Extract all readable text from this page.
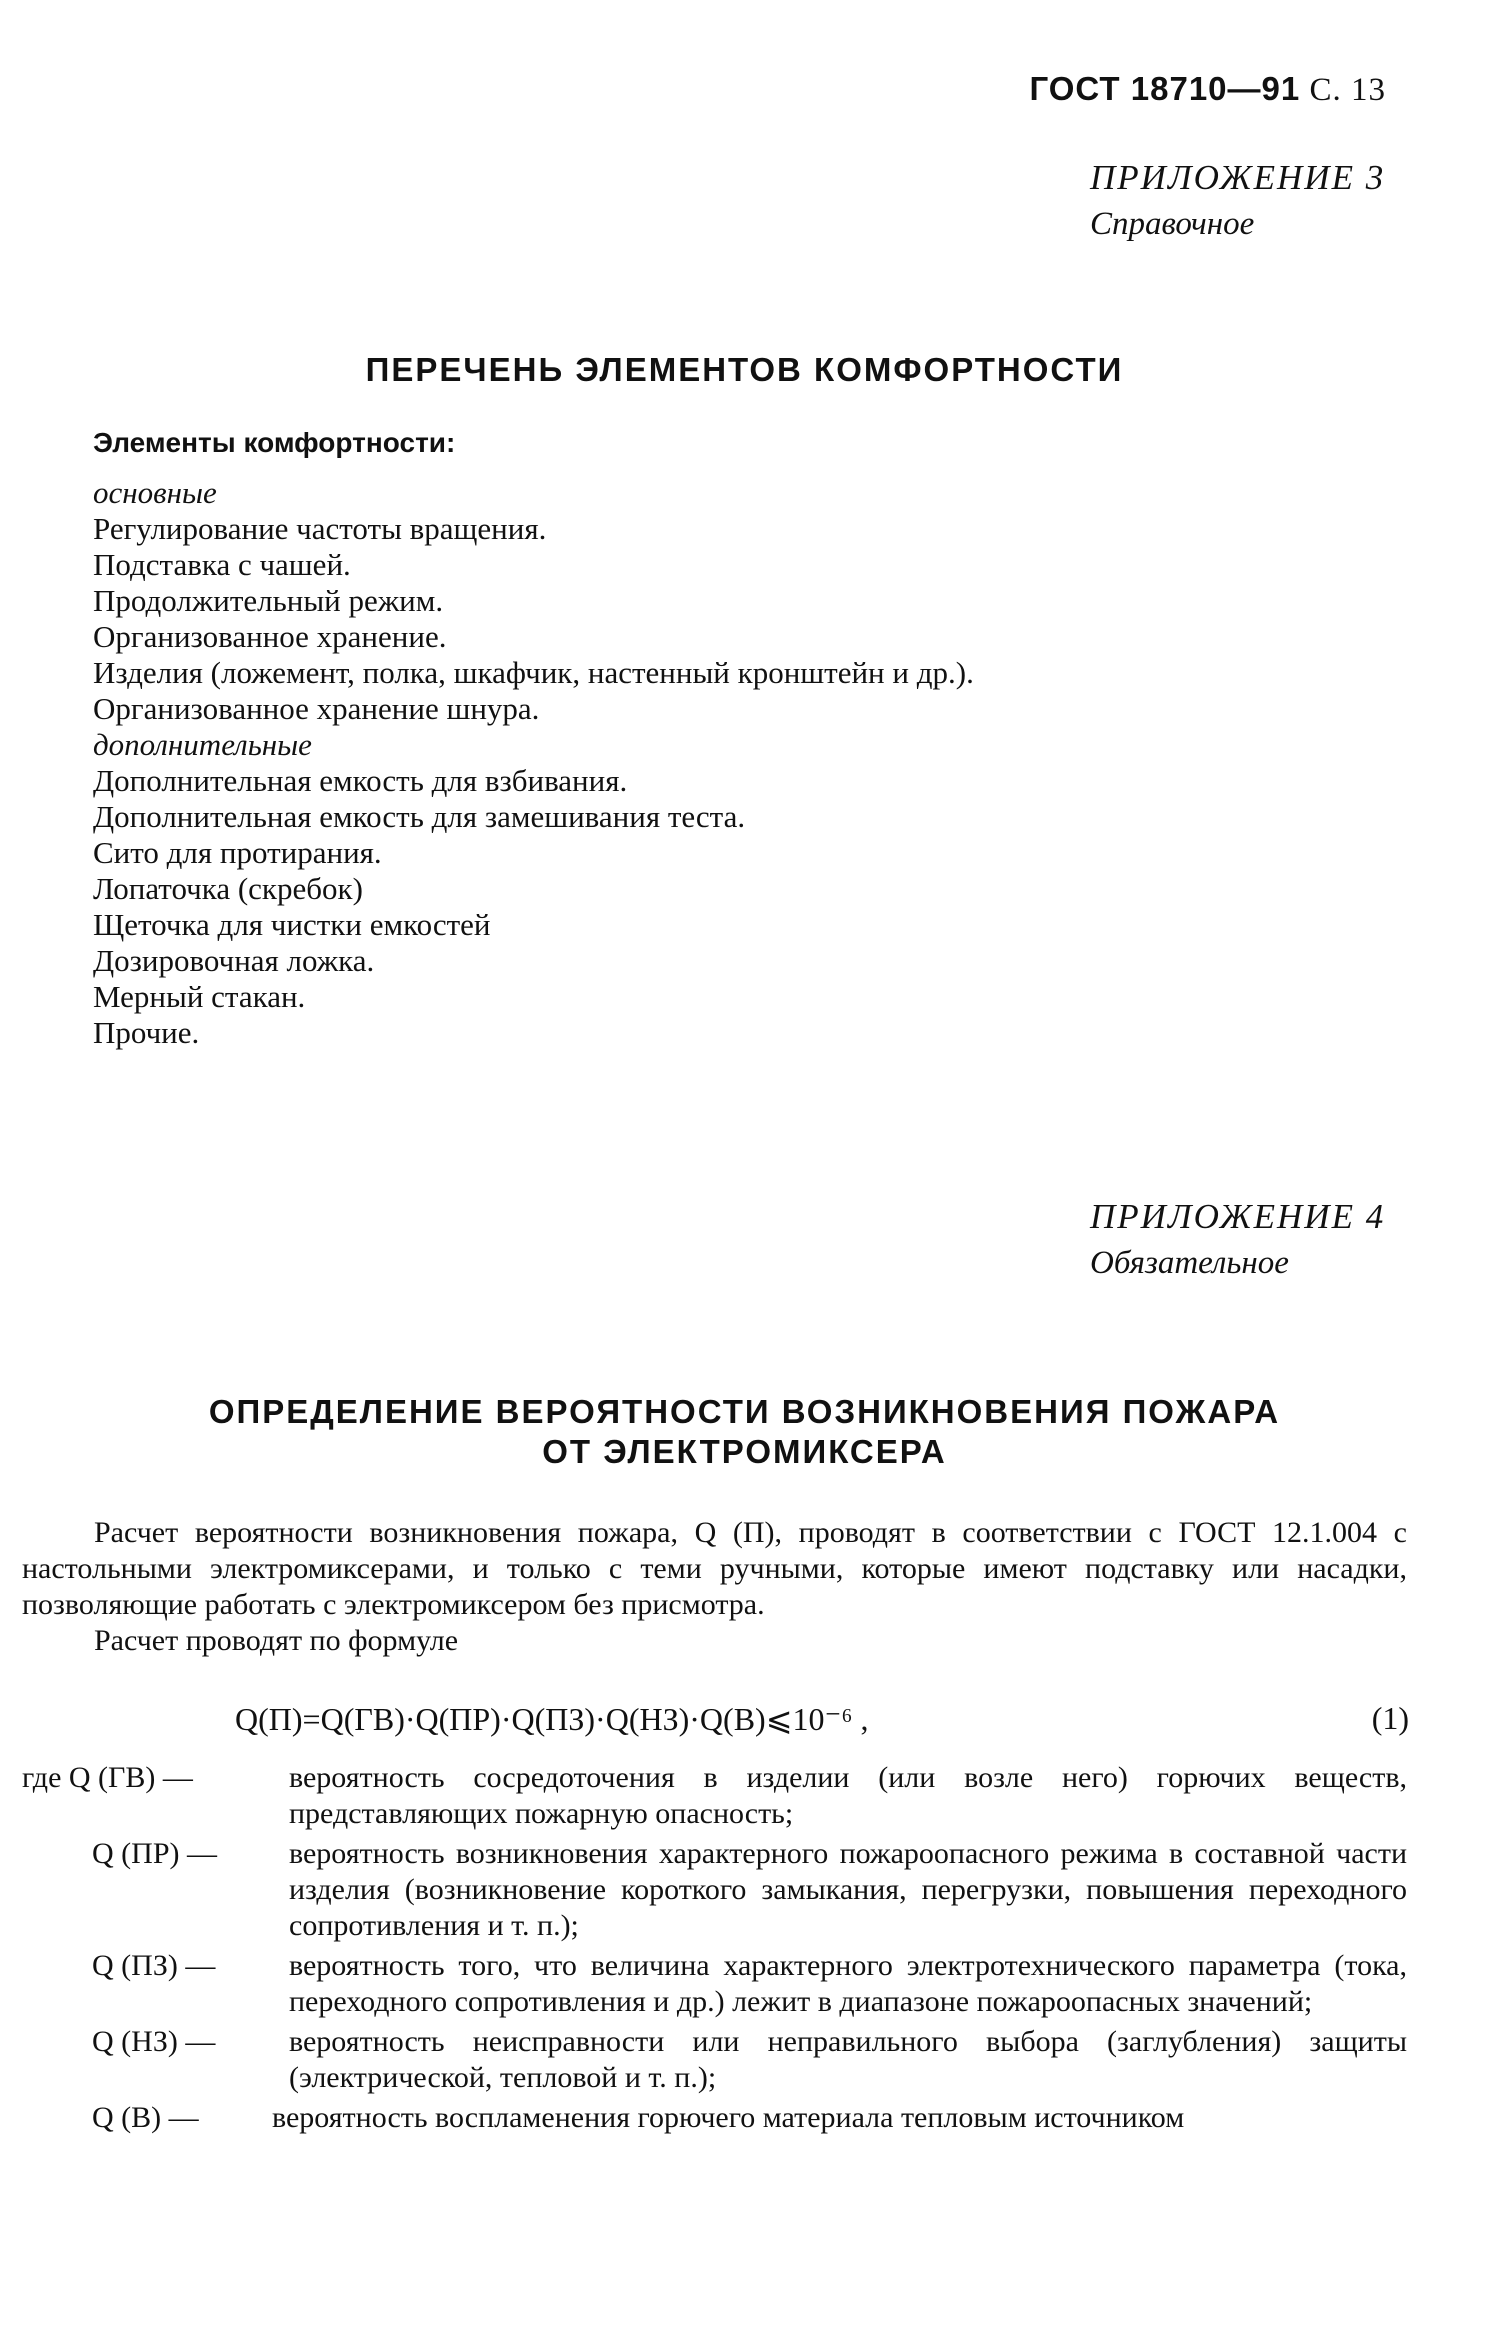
ГОСТ 18710—91 С. 13
ПРИЛОЖЕНИЕ 3
Справочное
ПЕРЕЧЕНЬ ЭЛЕМЕНТОВ КОМФОРТНОСТИ
Элементы комфортности:
основные
Регулирование частоты вращения.
Подставка с чашей.
Продолжительный режим.
Организованное хранение.
Изделия (ложемент, полка, шкафчик, настенный кронштейн и др.).
Организованное хранение шнура.
дополнительные
Дополнительная емкость для взбивания.
Дополнительная емкость для замешивания теста.
Сито для протирания.
Лопаточка (скребок)
Щеточка для чистки емкостей
Дозировочная ложка.
Мерный стакан.
Прочие.
ПРИЛОЖЕНИЕ 4
Обязательное
ОПРЕДЕЛЕНИЕ ВЕРОЯТНОСТИ ВОЗНИКНОВЕНИЯ ПОЖАРА
ОТ ЭЛЕКТРОМИКСЕРА

Расчет вероятности возникновения пожара, Q (П), проводят в соответствии с ГОСТ 12.1.004 с настольными электромиксерами, и только с теми ручными, которые имеют подставку или насадки, позволяющие работать с электромиксером без присмотра.

Расчет проводят по формуле

Q(П)=Q(ГВ)·Q(ПР)·Q(ПЗ)·Q(НЗ)·Q(В)⩽10⁻⁶ ,	(1)
где Q (ГВ) —	вероятность сосредоточения в изделии (или возле него) горючих веществ, представляющих пожарную опасность;
Q (ПР) —	вероятность возникновения характерного пожароопасного режима в составной части изделия (возникновение короткого замыкания, перегрузки, повышения переходного сопротивления и т. п.);
Q (ПЗ) —	вероятность того, что величина характерного электротехнического параметра (тока, переходного сопротивления и др.) лежит в диапазоне пожароопасных значений;
Q (НЗ) —	вероятность неисправности или неправильного выбора (заглубления) защиты (электрической, тепловой и т. п.);
Q (В) —	вероятность воспламенения горючего материала тепловым источником
